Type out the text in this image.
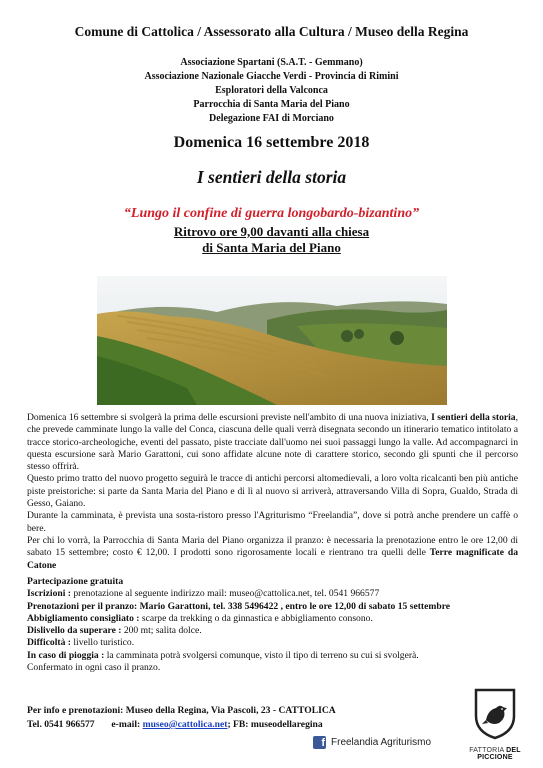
Comune di Cattolica / Assessorato alla Cultura / Museo della Regina
Associazione Spartani (S.A.T. - Gemmano)
Associazione Nazionale Giacche Verdi - Provincia di Rimini
Esploratori della Valconca
Parrocchia di Santa Maria del Piano
Delegazione FAI di Morciano
Domenica 16 settembre 2018
I sentieri della storia
“Lungo il confine di guerra longobardo-bizantino”
Ritrovo ore 9,00 davanti alla chiesa
di Santa Maria del Piano

Domenica 16 settembre si svolgerà la prima delle escursioni previste nell'ambito di una nuova iniziativa, I sentieri della storia, che prevede camminate lungo la valle del Conca, ciascuna delle quali verrà disegnata secondo un itinerario tematico intitolato a tracce storico-archeologiche, eventi del passato, piste tracciate dall'uomo nei suoi passaggi lungo la valle. Ad accompagnarci in questa escursione sarà Mario Garattoni, cui sono affidate alcune note di carattere storico, secondo gli spunti che il percorso stesso offrirà.

Questo primo tratto del nuovo progetto seguirà le tracce di antichi percorsi altomedievali, a loro volta ricalcanti ben più antiche piste preistoriche: si parte da Santa Maria del Piano e di lì al nuovo si arriverà, attraversando Villa di Sopra, Gualdo, Strada di Gesso, Gaiano.

Durante la camminata, è prevista una sosta-ristoro presso l'Agriturismo “Freelandia”, dove si potrà anche prendere un caffè o bere.

Per chi lo vorrà, la Parrocchia di Santa Maria del Piano organizza il pranzo: è necessaria la prenotazione entro le ore 12,00 di sabato 15 settembre; costo € 12,00. I prodotti sono rigorosamente locali e rientrano tra quelli delle Terre magnificate da Catone

Partecipazione gratuita

Iscrizioni : prenotazione al seguente indirizzo mail: museo@cattolica.net, tel. 0541 966577

Prenotazioni per il pranzo: Mario Garattoni, tel. 338 5496422 , entro le ore 12,00 di sabato 15 settembre

Abbigliamento consigliato : scarpe da trekking o da ginnastica e abbigliamento consono.

Dislivello da superare : 200 mt; salita dolce.

Difficoltà : livello turistico.

In caso di pioggia : la camminata potrà svolgersi comunque, visto il tipo di terreno su cui si svolgerà.

Confermato in ogni caso il pranzo.

Per info e prenotazioni: Museo della Regina, Via Pascoli, 23 - CATTOLICA

Tel. 0541 966577 e-mail: museo@cattolica.net; FB: museodellaregina

f Freelandia Agriturismo
FATTORIA DEL PICCIONE
